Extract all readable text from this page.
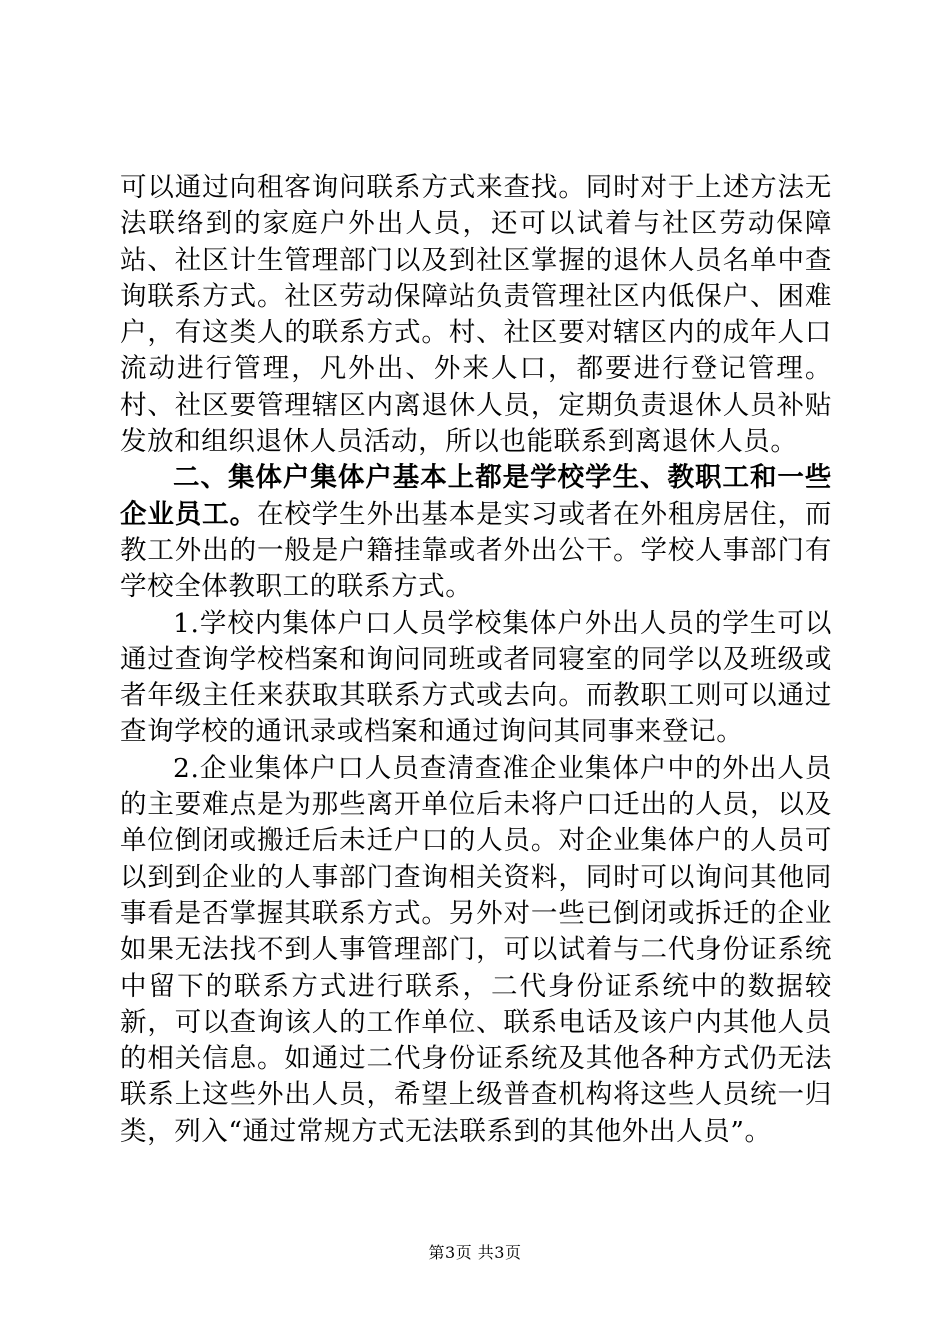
可以通过向租客询问联系方式来查找。同时对于上述方法无法联络到的家庭户外出人员，还可以试着与社区劳动保障站、社区计生管理部门以及到社区掌握的退休人员名单中查询联系方式。社区劳动保障站负责管理社区内低保户、困难户，有这类人的联系方式。村、社区要对辖区内的成年人口流动进行管理，凡外出、外来人口，都要进行登记管理。村、社区要管理辖区内离退休人员，定期负责退休人员补贴发放和组织退休人员活动，所以也能联系到离退休人员。

二、集体户集体户基本上都是学校学生、教职工和一些企业员工。在校学生外出基本是实习或者在外租房居住，而教工外出的一般是户籍挂靠或者外出公干。学校人事部门有学校全体教职工的联系方式。

1.学校内集体户口人员学校集体户外出人员的学生可以通过查询学校档案和询问同班或者同寝室的同学以及班级或者年级主任来获取其联系方式或去向。而教职工则可以通过查询学校的通讯录或档案和通过询问其同事来登记。

2.企业集体户口人员查清查准企业集体户中的外出人员的主要难点是为那些离开单位后未将户口迁出的人员，以及单位倒闭或搬迁后未迁户口的人员。对企业集体户的人员可以到到企业的人事部门查询相关资料，同时可以询问其他同事看是否掌握其联系方式。另外对一些已倒闭或拆迁的企业如果无法找不到人事管理部门，可以试着与二代身份证系统中留下的联系方式进行联系，二代身份证系统中的数据较新，可以查询该人的工作单位、联系电话及该户内其他人员的相关信息。如通过二代身份证系统及其他各种方式仍无法联系上这些外出人员，希望上级普查机构将这些人员统一归类，列入“通过常规方式无法联系到的其他外出人员”。

第3页 共3页
